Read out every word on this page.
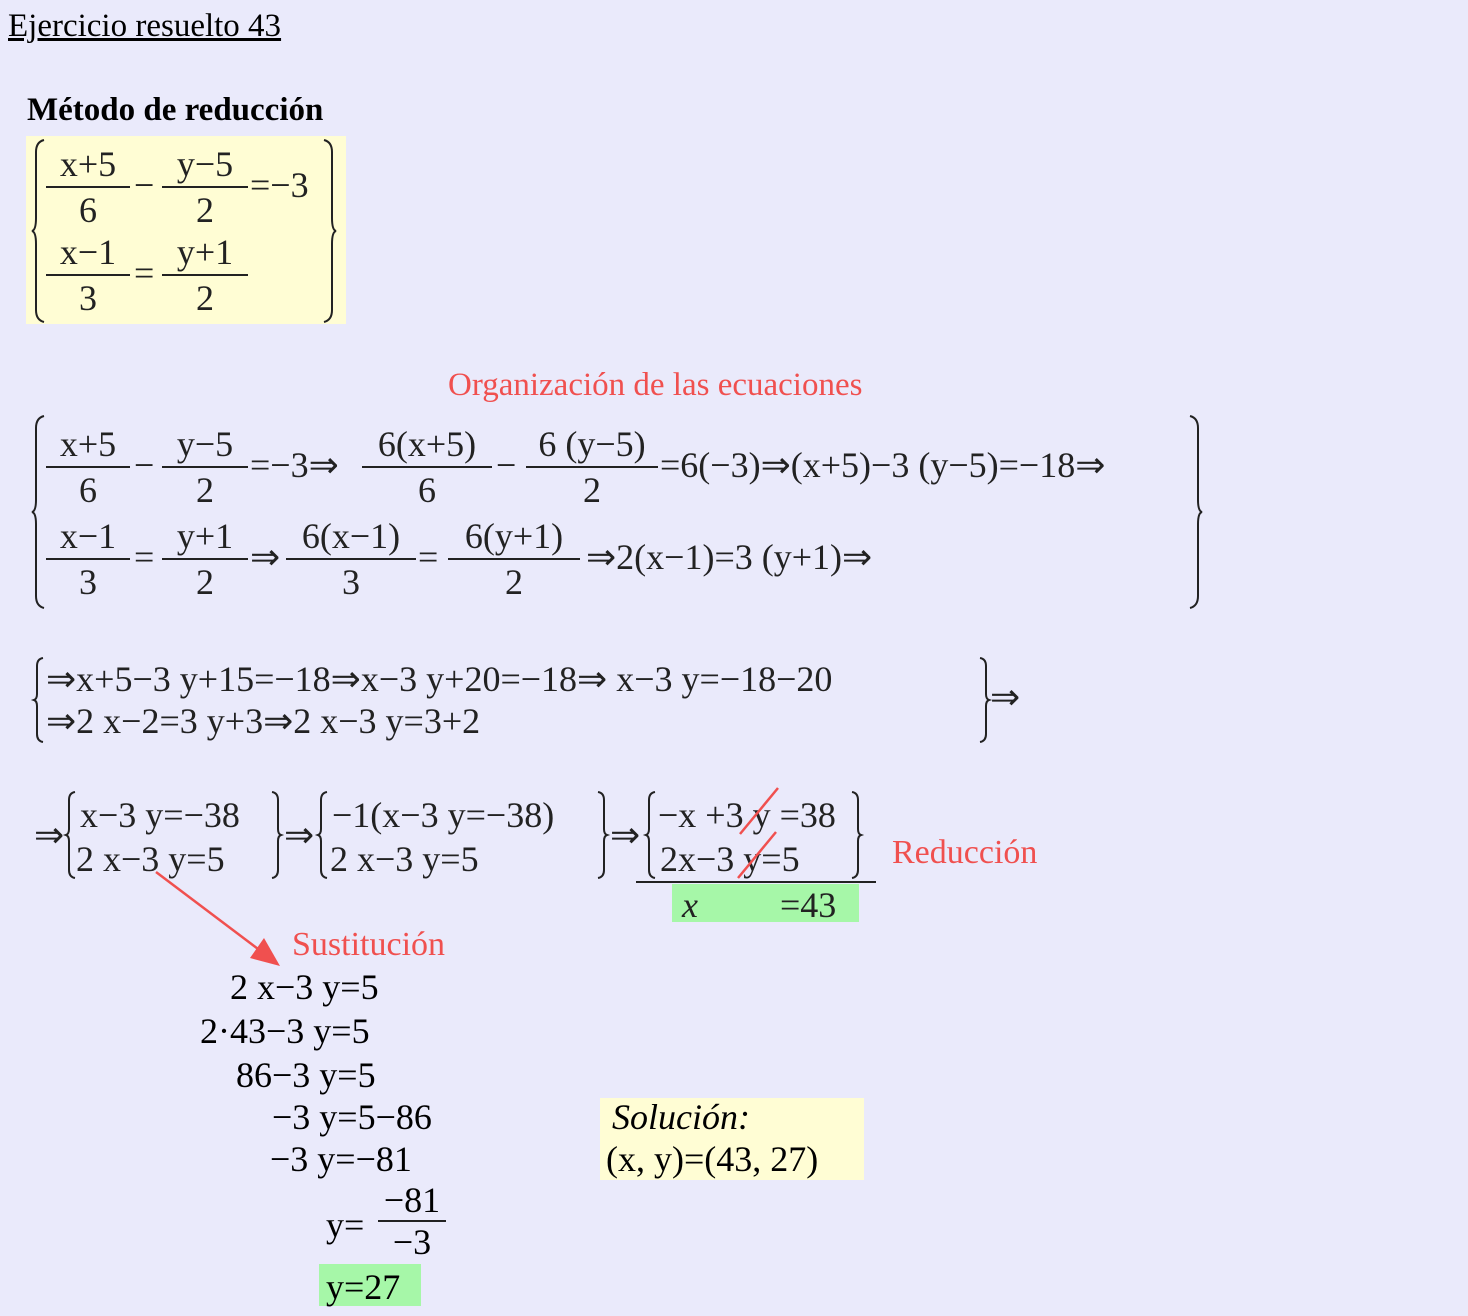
Ejercicio resuelto 43
Método de reducción
x+5
6
−
y−5
2
=−3
x−1
3
=
y+1
2
Organización de las ecuaciones
x+5
6
−
y−5
2
=−3⇒
6(x+5)
6
−
6 (y−5)
2
=6(−3)⇒(x+5)−3 (y−5)=−18⇒
x−1
3
=
y+1
2
⇒
6(x−1)
3
=
6(y+1)
2
⇒2(x−1)=3 (y+1)⇒
⇒x+5−3 y+15=−18⇒x−3 y+20=−18⇒ x−3 y=−18−20
⇒2 x−2=3 y+3⇒2 x−3 y=3+2
⇒
⇒ x−3 y=−38
2 x−3 y=5
⇒ −1(x−3 y=−38)
2 x−3 y=5
⇒ −x +3 y =38
2x−3 y=5
x =43
Reducción
Sustitución
2 x−3 y=5
2·43−3 y=5
86−3 y=5
−3 y=5−86
−3 y=−81
y=
−81
−3
y=27
Solución:
(x, y)=(43, 27)
